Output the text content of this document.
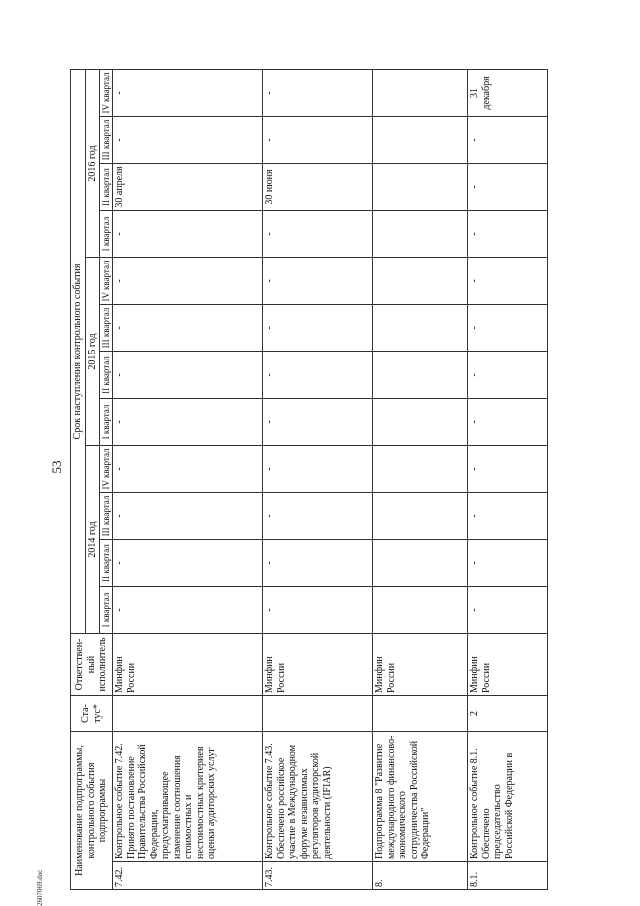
53
Наименование подпрограммы, контрольного события подпрограммы		Ста-тус*	Ответствен-ный исполнитель	Срок наступления контрольного события											
				2014 год				2015 год				2016 год			
				I квартал	II квартал	III квартал	IV квартал	I квартал	II квартал	III квартал	IV квартал	I квартал	II квартал	III квартал	IV квартал
7.42.	Контрольное событие 7.42. Принято постановление Правительства Российской Федерации, предусматривающее изменение соотношения стоимостных и нестоимостных критериев оценки аудиторских услуг		Минфин России	-	-	-	-	-	-	-	-	-	30 апреля	-	-
7.43.	Контрольное событие 7.43. Обеспечено российское участие в Международном форуме независимых регуляторов аудиторской деятельности (IFIAR)		Минфин России	-	-	-	-	-	-	-	-	-	30 июня	-	-
8.	Подпрограмма 8 "Развитие международного финансово-экономического сотрудничества Российской Федерации"		Минфин России												
8.1.	Контрольное событие 8.1. Обеспечено председательство Российской Федерации в	2	Минфин России	-	-	-	-	-	-	-	-	-	-	-	31 декабря
2607069.doc
